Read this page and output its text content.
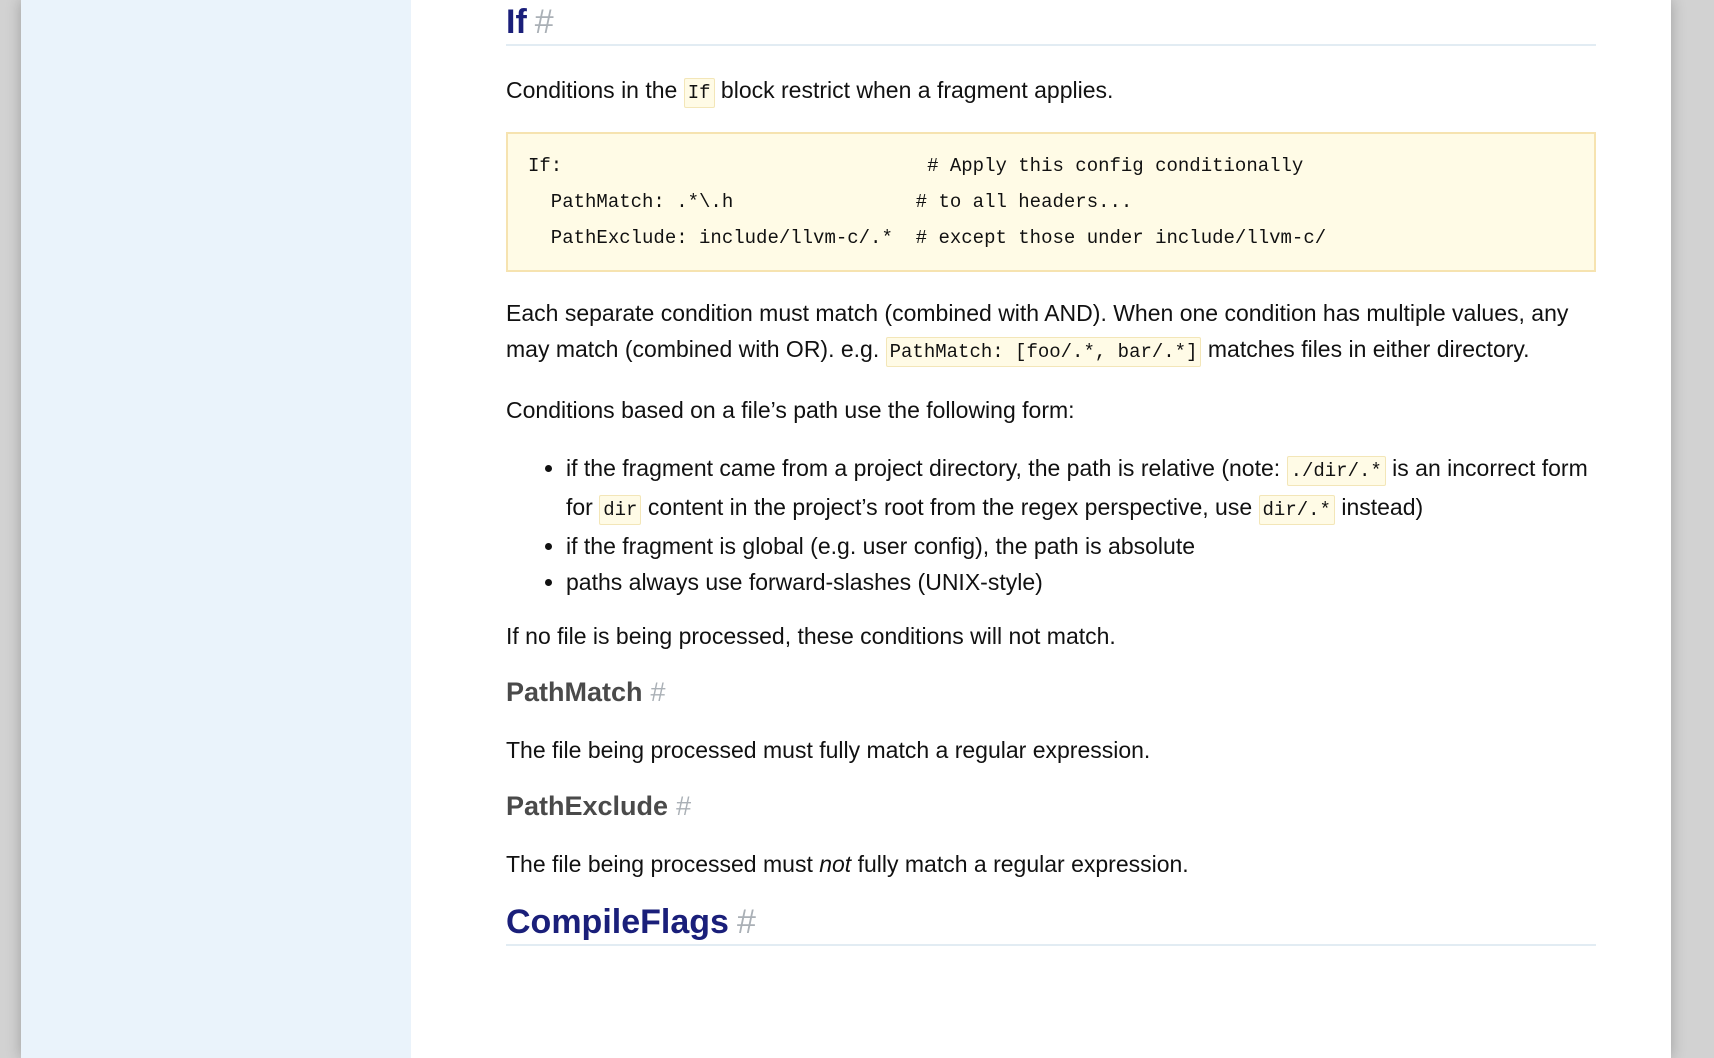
If #

Conditions in the If block restrict when a fragment applies.

If:                                # Apply this config conditionally
PathMatch: .*\.h                # to all headers...
PathExclude: include/llvm-c/.*  # except those under include/llvm-c/

Each separate condition must match (combined with AND). When one condition has multiple values, any may match (combined with OR). e.g. PathMatch: [foo/.*, bar/.*] matches files in either directory.

Conditions based on a file’s path use the following form:

• if the fragment came from a project directory, the path is relative (note: ./dir/.* is an incorrect form for dir content in the project’s root from the regex perspective, use dir/.* instead)
• if the fragment is global (e.g. user config), the path is absolute
• paths always use forward-slashes (UNIX-style)

If no file is being processed, these conditions will not match.

PathMatch #

The file being processed must fully match a regular expression.

PathExclude #

The file being processed must not fully match a regular expression.

CompileFlags #
